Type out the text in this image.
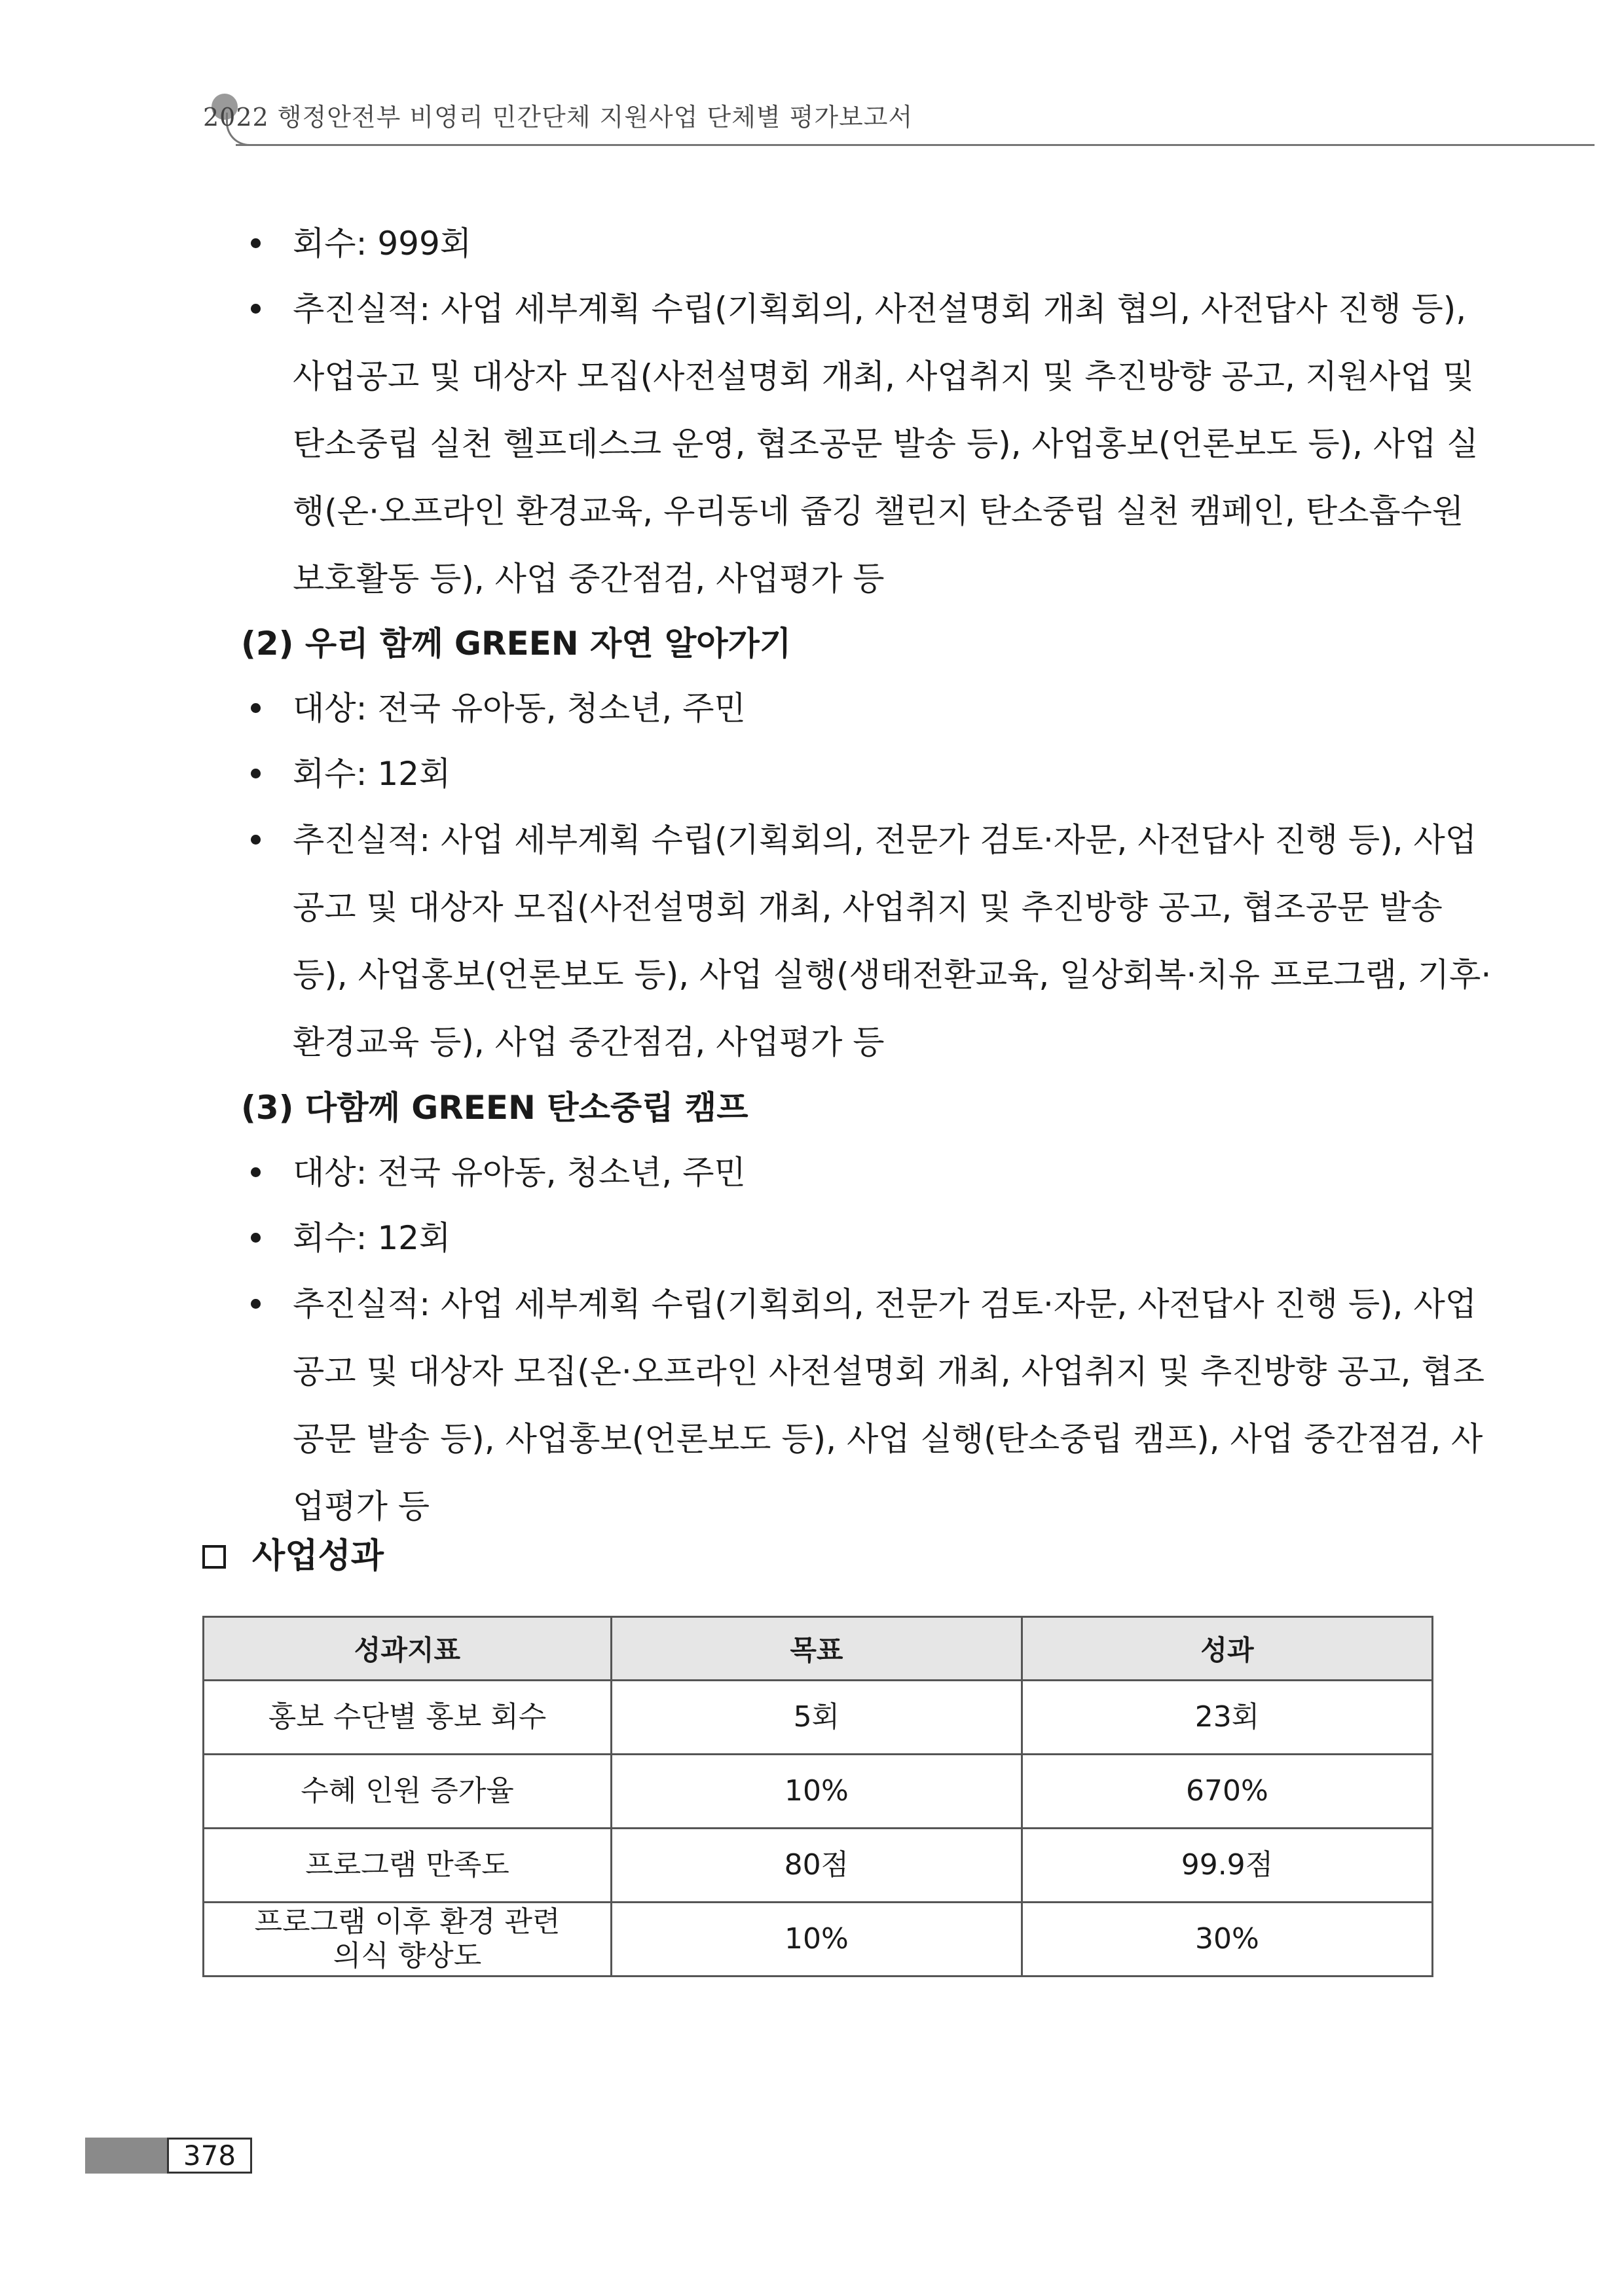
2022 행정안전부 비영리 민간단체 지원사업 단체별 평가보고서
회수: 999회
추진실적: 사업 세부계획 수립(기획회의, 사전설명회 개최 협의, 사전답사 진행 등),
사업공고 및 대상자 모집(사전설명회 개최, 사업취지 및 추진방향 공고, 지원사업 및
탄소중립 실천 헬프데스크 운영, 협조공문 발송 등), 사업홍보(언론보도 등), 사업 실
행(온·오프라인 환경교육, 우리동네 줍깅 챌린지 탄소중립 실천 캠페인, 탄소흡수원
보호활동 등), 사업 중간점검, 사업평가 등
(2) 우리 함께 GREEN 자연 알아가기
대상: 전국 유아동, 청소년, 주민
회수: 12회
추진실적: 사업 세부계획 수립(기획회의, 전문가 검토·자문, 사전답사 진행 등), 사업
공고 및 대상자 모집(사전설명회 개최, 사업취지 및 추진방향 공고, 협조공문 발송
등), 사업홍보(언론보도 등), 사업 실행(생태전환교육, 일상회복·치유 프로그램, 기후·
환경교육 등), 사업 중간점검, 사업평가 등
(3) 다함께 GREEN 탄소중립 캠프
대상: 전국 유아동, 청소년, 주민
회수: 12회
추진실적: 사업 세부계획 수립(기획회의, 전문가 검토·자문, 사전답사 진행 등), 사업
공고 및 대상자 모집(온·오프라인 사전설명회 개최, 사업취지 및 추진방향 공고, 협조
공문 발송 등), 사업홍보(언론보도 등), 사업 실행(탄소중립 캠프), 사업 중간점검, 사
업평가 등
사업성과
성과지표	목표	성과
홍보 수단별 홍보 회수	5회	23회
수혜 인원 증가율	10%	670%
프로그램 만족도	80점	99.9점

프로그램 이후 환경 관련
의식 향상도	10%	30%
378
